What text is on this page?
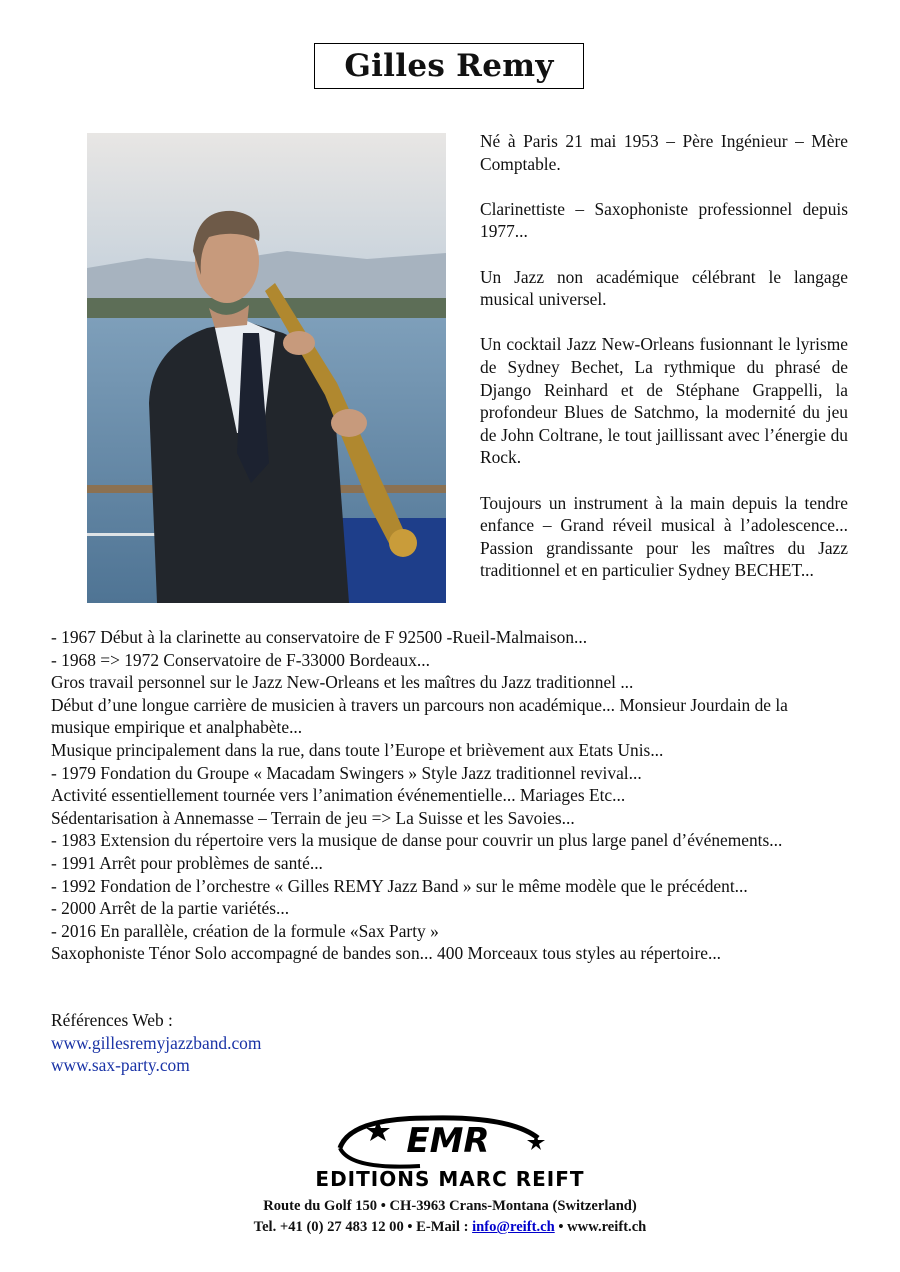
Gilles Remy

Né à Paris 21 mai 1953 – Père Ingénieur – Mère Comptable.

Clarinettiste – Saxophoniste professionnel depuis 1977...

Un Jazz non académique célébrant le langage musical universel.

Un cocktail Jazz New-Orleans fusionnant le lyrisme de Sydney Bechet, La rythmique du phrasé de Django Reinhard et de Stéphane Grappelli, la profondeur Blues de Satchmo, la modernité du jeu de John Coltrane, le tout jaillissant avec l’énergie du Rock.

Toujours un instrument à la main depuis la tendre enfance – Grand réveil musical à l’adolescence... Passion grandissante pour les maîtres du Jazz traditionnel et en particulier Sydney BECHET...

- 1967 Début à la clarinette au conservatoire de F 92500 -Rueil-Malmaison...
- 1968 => 1972 Conservatoire de F-33000 Bordeaux...
Gros travail personnel sur le Jazz New-Orleans et les maîtres du Jazz traditionnel ...
Début d’une longue carrière de musicien à travers un parcours non académique... Monsieur Jourdain de la musique empirique et analphabète...
Musique principalement dans la rue, dans toute l’Europe et brièvement aux Etats Unis...
- 1979 Fondation du Groupe « Macadam Swingers » Style Jazz traditionnel revival...
Activité essentiellement tournée vers l’animation événementielle... Mariages Etc...
Sédentarisation à Annemasse – Terrain de jeu => La Suisse et les Savoies...
- 1983 Extension du répertoire vers la musique de danse pour couvrir un plus large panel d’événements...
- 1991 Arrêt pour problèmes de santé...
- 1992 Fondation de l’orchestre « Gilles REMY Jazz Band » sur le même modèle que le précédent...
- 2000 Arrêt de la partie variétés...
- 2016 En parallèle, création de la formule «Sax Party »
Saxophoniste Ténor Solo accompagné de bandes son... 400 Morceaux tous styles au répertoire...
Références Web :
www.gillesremyjazzband.com
www.sax-party.com
EMR
EDITIONS MARC REIFT
Route du Golf 150 • CH-3963 Crans-Montana (Switzerland)
Tel. +41 (0) 27 483 12 00 • E-Mail : info@reift.ch • www.reift.ch
